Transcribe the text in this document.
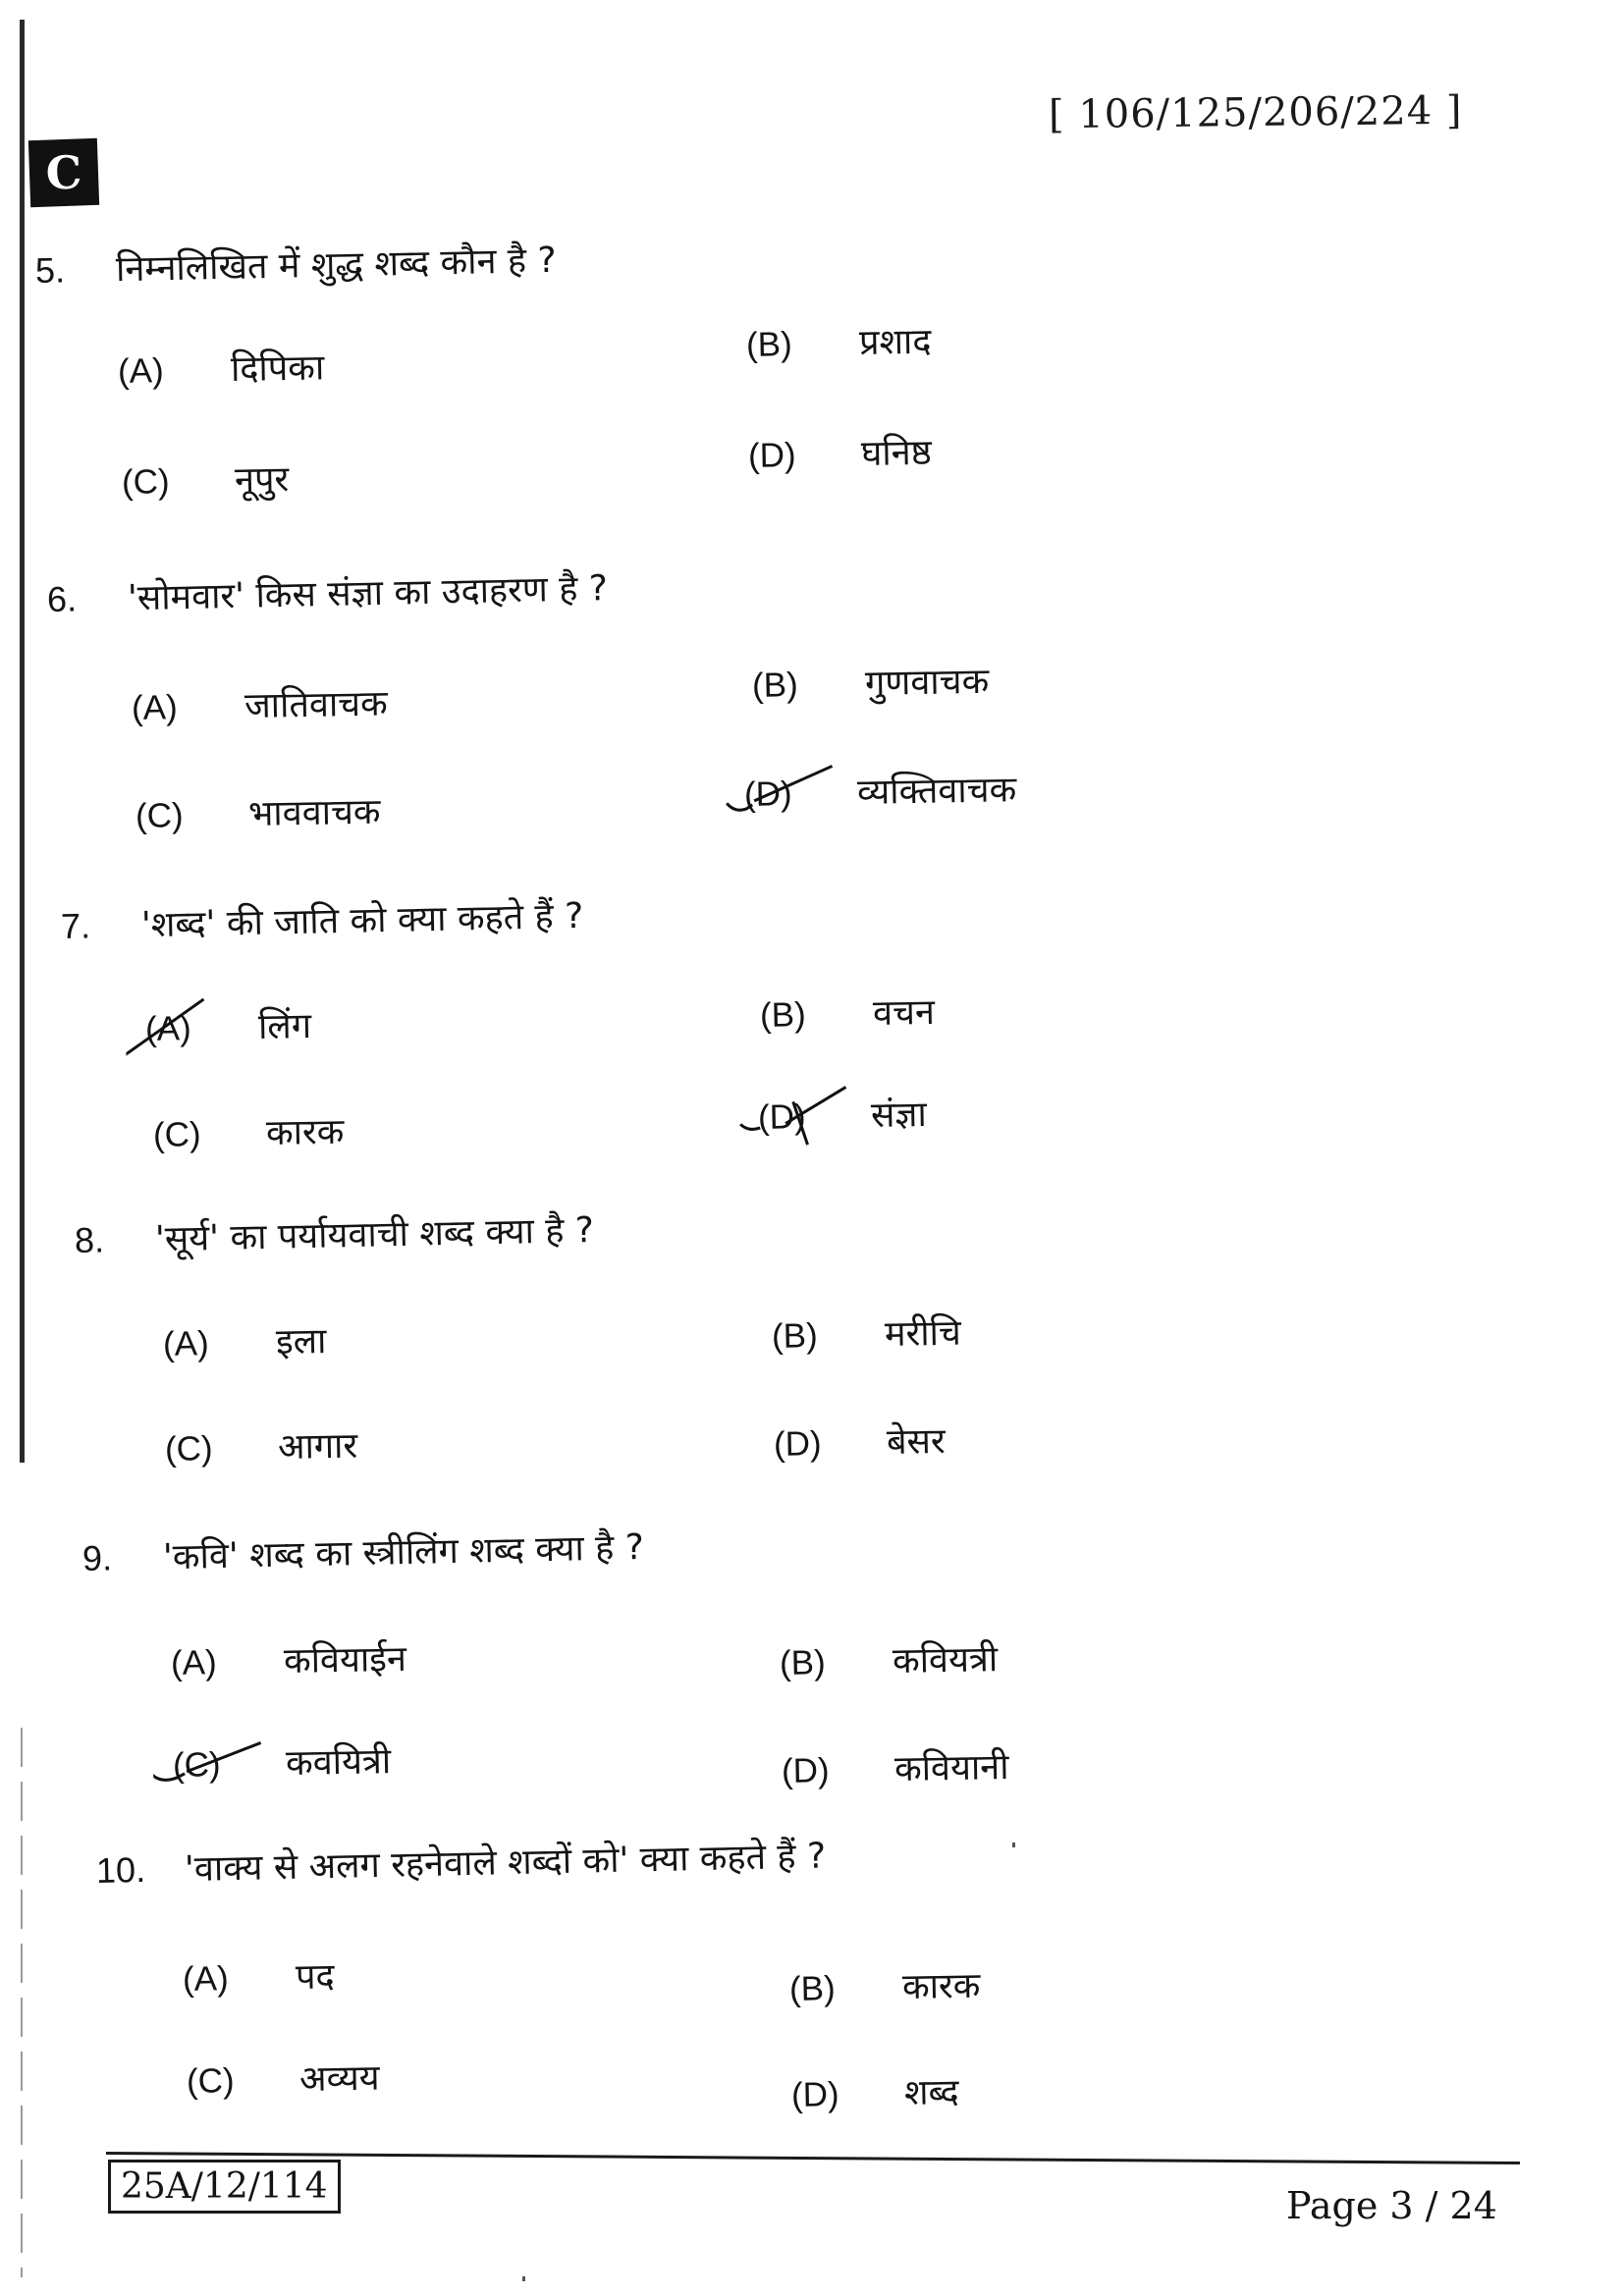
[ 106/125/206/224 ]
C
5. निम्नलिखित में शुद्ध शब्द कौन है ?
(A) दिपिका
(B) प्रशाद
(C) नूपुर
(D) घनिष्ठ
6. 'सोमवार' किस संज्ञा का उदाहरण है ?
(A) जातिवाचक	(B) गुणवाचक
(C) भाववाचक	(D) व्यक्तिवाचक
7. 'शब्द' की जाति को क्या कहते हैं ?
(A) लिंग	(B) वचन
(C) कारक	(D) संज्ञा
8. 'सूर्य' का पर्यायवाची शब्द क्या है ?
(A) इला	(B) मरीचि
(C) आगार	(D) बेसर
9. 'कवि' शब्द का स्त्रीलिंग शब्द क्या है ?
(A) कवियाईन	(B) कवियत्री
(C) कवयित्री	(D) कवियानी
10. 'वाक्य से अलग रहनेवाले शब्दों को' क्या कहते हैं ?
(A) पद	(B) कारक
(C) अव्यय	(D) शब्द
25A/12/114	Page 3 / 24
